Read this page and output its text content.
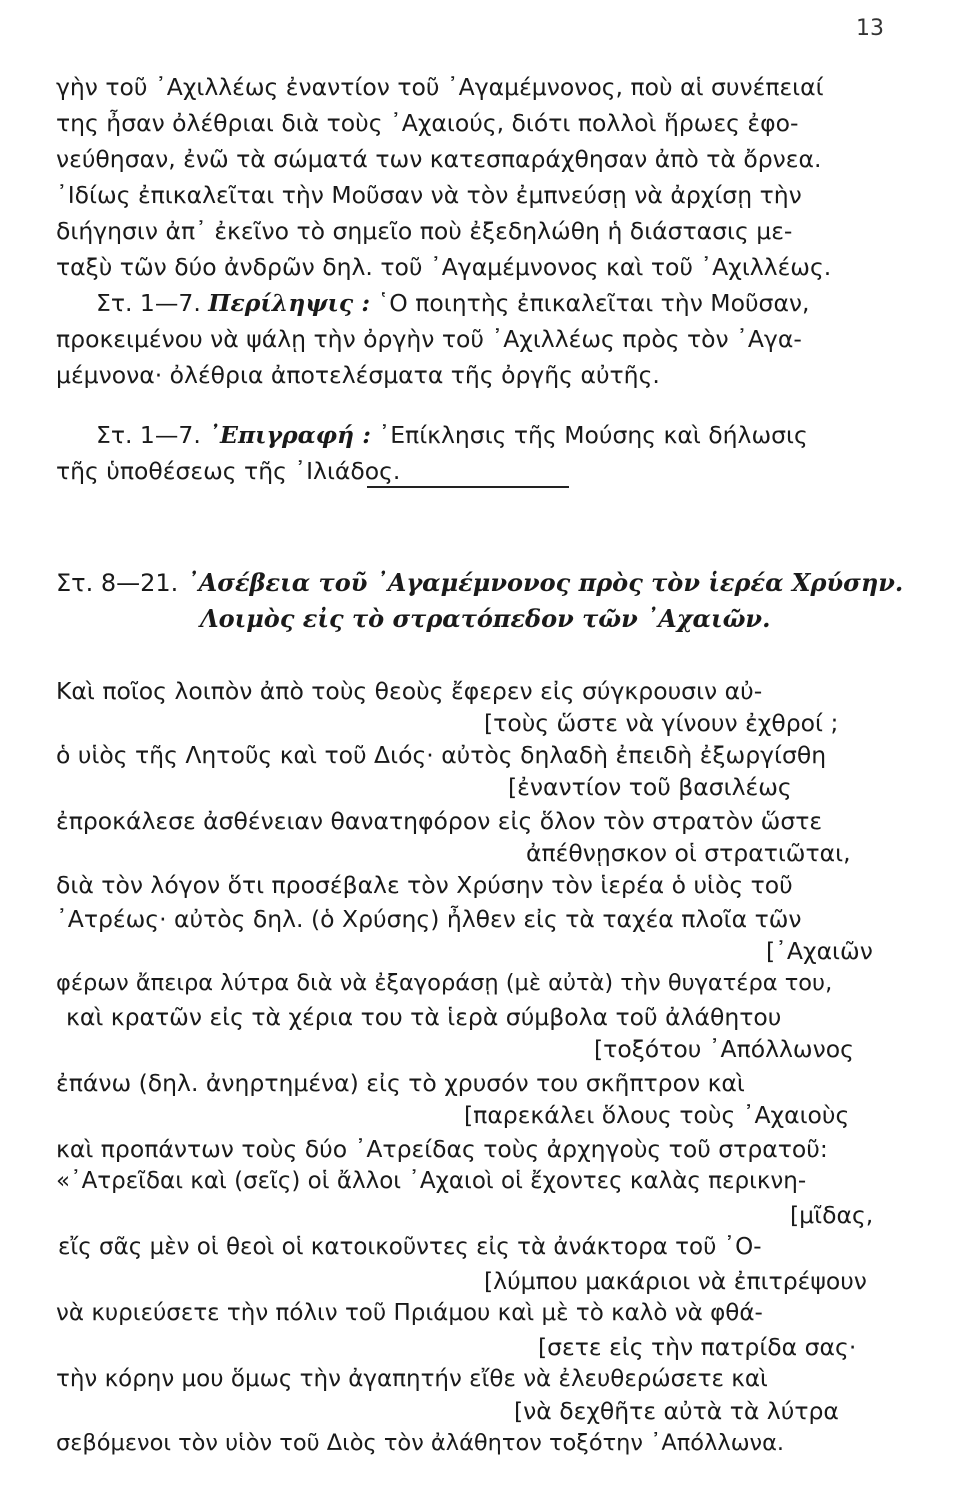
13
γὴν τοῦ ᾿Αχιλλέως ἐναντίον τοῦ ᾿Αγαμέμνονος, ποὺ αἱ συνέπειαί
της ἦσαν ὀλέθριαι διὰ τοὺς ᾿Αχαιούς, διότι πολλοὶ ἥρωες ἐφο-
νεύθησαν, ἐνῶ τὰ σώματά των κατεσπαράχθησαν ἀπὸ τὰ ὄρνεα.
᾿Ιδίως ἐπικαλεῖται τὴν Μοῦσαν νὰ τὸν ἐμπνεύσῃ νὰ ἀρχίσῃ τὴν
διήγησιν ἀπ᾿ ἐκεῖνο τὸ σημεῖο ποὺ ἐξεδηλώθη ἡ διάστασις με-
ταξὺ τῶν δύο ἀνδρῶν δηλ. τοῦ ᾿Αγαμέμνονος καὶ τοῦ ᾿Αχιλλέως.
Στ. 1—7. Περίληψις : ῾Ο ποιητὴς ἐπικαλεῖται τὴν Μοῦσαν,
προκειμένου νὰ ψάλῃ τὴν ὀργὴν τοῦ ᾿Αχιλλέως πρὸς τὸν ᾿Αγα-
μέμνονα· ὀλέθρια ἀποτελέσματα τῆς ὀργῆς αὐτῆς.
Στ. 1—7. ᾿Επιγραφή : ᾿Επίκλησις τῆς Μούσης καὶ δήλωσις
τῆς ὑποθέσεως τῆς ᾿Ιλιάδος.
Στ. 8—21. ᾿Ασέβεια τοῦ ᾿Αγαμέμνονος πρὸς τὸν ἱερέα Χρύσην.
Λοιμὸς εἰς τὸ στρατόπεδον τῶν ᾿Αχαιῶν.
Καὶ ποῖος λοιπὸν ἀπὸ τοὺς θεοὺς ἔφερεν εἰς σύγκρουσιν αὐ-
[τοὺς ὥστε νὰ γίνουν ἐχθροί ;
ὁ υἱὸς τῆς Λητοῦς καὶ τοῦ Διός· αὐτὸς δηλαδὴ ἐπειδὴ ἐξωργίσθη
[ἐναντίον τοῦ βασιλέως
ἐπροκάλεσε ἀσθένειαν θανατηφόρον εἰς ὅλον τὸν στρατὸν ὥστε
ἀπέθνῃσκον οἱ στρατιῶται,
διὰ τὸν λόγον ὅτι προσέβαλε τὸν Χρύσην τὸν ἱερέα ὁ υἱὸς τοῦ
᾿Ατρέως· αὐτὸς δηλ. (ὁ Χρύσης) ἦλθεν εἰς τὰ ταχέα πλοῖα τῶν
[᾿Αχαιῶν
φέρων ἄπειρα λύτρα διὰ νὰ ἐξαγοράσῃ (μὲ αὐτὰ) τὴν θυγατέρα του,
καὶ κρατῶν εἰς τὰ χέρια του τὰ ἱερὰ σύμβολα τοῦ ἀλάθητου
[τοξότου ᾿Απόλλωνος
ἐπάνω (δηλ. ἀνηρτημένα) εἰς τὸ χρυσόν του σκῆπτρον καὶ
[παρεκάλει ὅλους τοὺς ᾿Αχαιοὺς
καὶ προπάντων τοὺς δύο ᾿Ατρείδας τοὺς ἀρχηγοὺς τοῦ στρατοῦ:
«᾿Ατρεῖδαι καὶ (σεῖς) οἱ ἄλλοι ᾿Αχαιοὶ οἱ ἔχοντες καλὰς περικνη-
[μῖδας,
εἴς σᾶς μὲν οἱ θεοὶ οἱ κατοικοῦντες εἰς τὰ ἀνάκτορα τοῦ ᾿Ο-
[λύμπου μακάριοι νὰ ἐπιτρέψουν
νὰ κυριεύσετε τὴν πόλιν τοῦ Πριάμου καὶ μὲ τὸ καλὸ νὰ φθά-
[σετε εἰς τὴν πατρίδα σας·
τὴν κόρην μου ὅμως τὴν ἀγαπητήν εἴθε νὰ ἐλευθερώσετε καὶ
[νὰ δεχθῆτε αὐτὰ τὰ λύτρα
σεβόμενοι τὸν υἱὸν τοῦ Διὸς τὸν ἀλάθητον τοξότην ᾿Απόλλωνα.
